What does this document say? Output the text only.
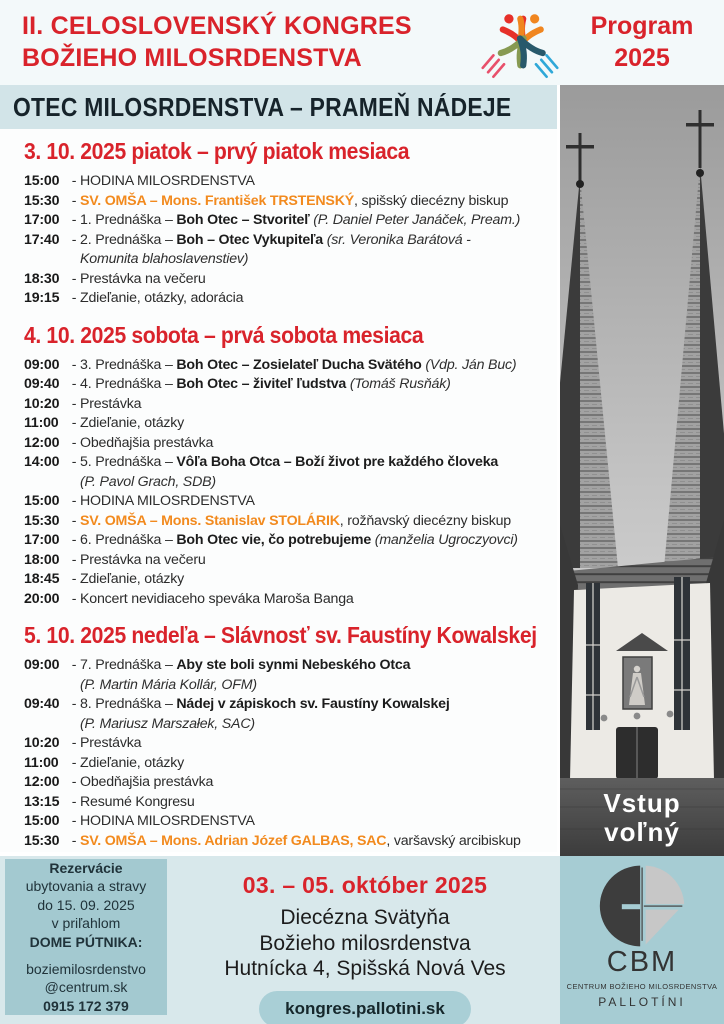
II. CELOSLOVENSKÝ KONGRES
BOŽIEHO MILOSRDENSTVA
Program
2025
OTEC MILOSRDENSTVA – PRAMEŇ NÁDEJE
3. 10. 2025 piatok – prvý piatok mesiaca
15:00 - HODINA MILOSRDENSTVA
15:30 - SV. OMŠA – Mons. František TRSTENSKÝ, spišský diecézny biskup
17:00 - 1. Prednáška – Boh Otec – Stvoriteľ (P. Daniel Peter Janáček, Pream.)
17:40 - 2. Prednáška – Boh – Otec Vykupiteľa (sr. Veronika Barátová -
Komunita blahoslavenstiev)
18:30 - Prestávka na večeru
19:15 - Zdieľanie, otázky, adorácia
4. 10. 2025 sobota – prvá sobota mesiaca
09:00 - 3. Prednáška – Boh Otec – Zosielateľ Ducha Svätého (Vdp. Ján Buc)
09:40 - 4. Prednáška – Boh Otec – živiteľ ľudstva (Tomáš Rusňák)
10:20 - Prestávka
11:00 - Zdieľanie, otázky
12:00 - Obedňajšia prestávka
14:00 - 5. Prednáška – Vôľa Boha Otca – Boží život pre každého človeka
(P. Pavol Grach, SDB)
15:00 - HODINA MILOSRDENSTVA
15:30 - SV. OMŠA – Mons. Stanislav STOLÁRIK, rožňavský diecézny biskup
17:00 - 6. Prednáška – Boh Otec vie, čo potrebujeme (manželia Ugroczyovci)
18:00 - Prestávka na večeru
18:45 - Zdieľanie, otázky
20:00 - Koncert nevidiaceho speváka Maroša Banga
5. 10. 2025 nedeľa – Slávnosť sv. Faustíny Kowalskej
09:00 - 7. Prednáška – Aby ste boli synmi Nebeského Otca
(P. Martin Mária Kollár, OFM)
09:40 - 8. Prednáška – Nádej v zápiskoch sv. Faustíny Kowalskej
(P. Mariusz Marszałek, SAC)
10:20 - Prestávka
11:00 - Zdieľanie, otázky
12:00 - Obedňajšia prestávka
13:15 - Resumé Kongresu
15:00 - HODINA MILOSRDENSTVA
15:30 - SV. OMŠA – Mons. Adrian Józef GALBAS, SAC, varšavský arcibiskup
Vstup
voľný
Rezervácie
ubytovania a stravy
do 15. 09. 2025
v priľahlom
DOME PÚTNIKA:
boziemilosrdenstvo
@centrum.sk
0915 172 379
03. – 05. október 2025
Diecézna Svätyňa
Božieho milosrdenstva
Hutnícka 4, Spišská Nová Ves
kongres.pallotini.sk
CBM
CENTRUM BOŽIEHO MILOSRDENSTVA
PALLOTÍNI
